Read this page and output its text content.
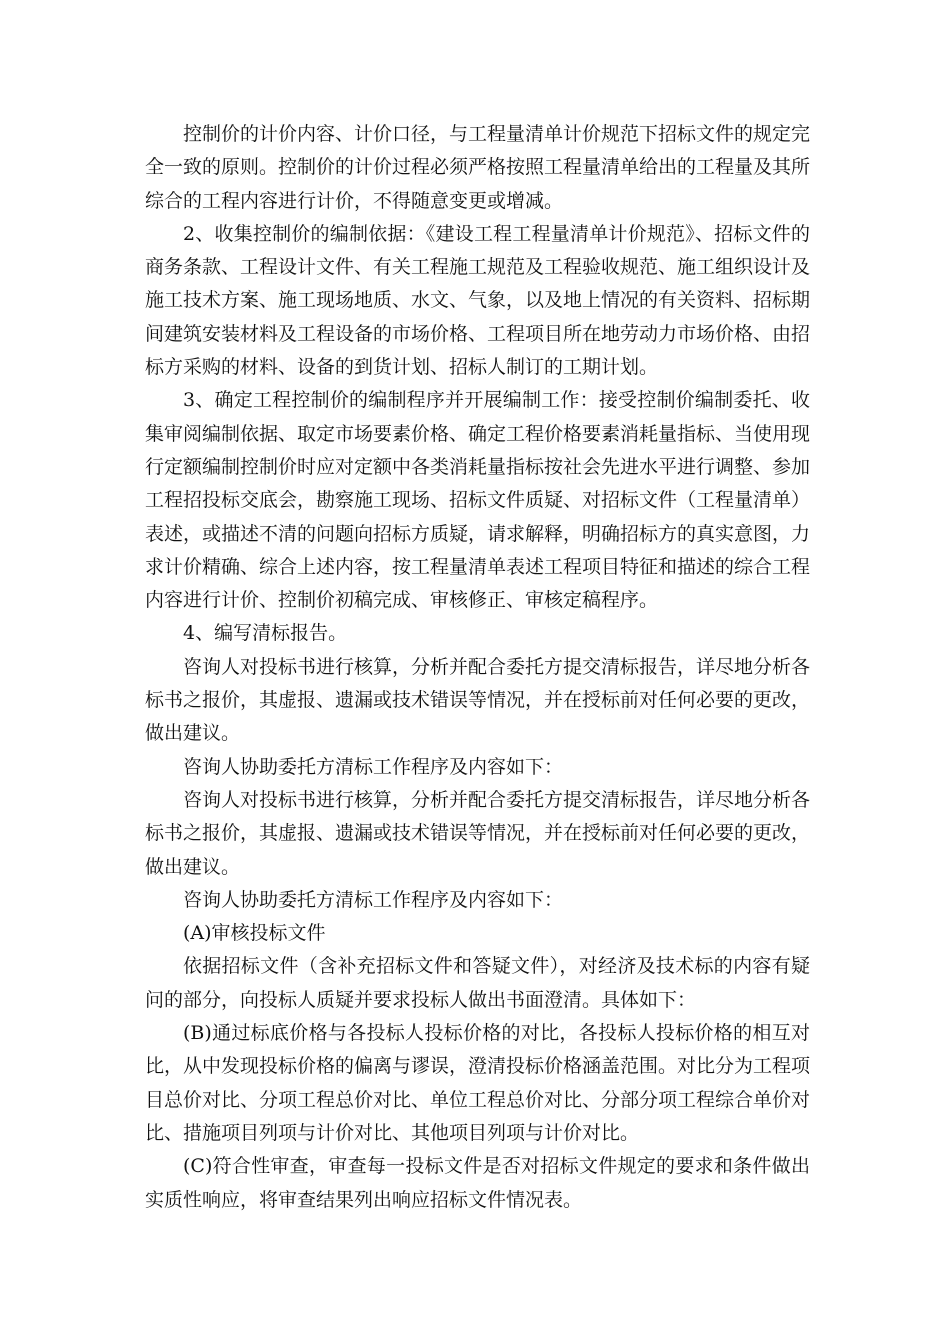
控制价的计价内容、计价口径，与工程量清单计价规范下招标文件的规定完全一致的原则。控制价的计价过程必须严格按照工程量清单给出的工程量及其所综合的工程内容进行计价，不得随意变更或增减。

2、收集控制价的编制依据：《建设工程工程量清单计价规范》、招标文件的商务条款、工程设计文件、有关工程施工规范及工程验收规范、施工组织设计及施工技术方案、施工现场地质、水文、气象，以及地上情况的有关资料、招标期间建筑安装材料及工程设备的市场价格、工程项目所在地劳动力市场价格、由招标方采购的材料、设备的到货计划、招标人制订的工期计划。

3、确定工程控制价的编制程序并开展编制工作：接受控制价编制委托、收集审阅编制依据、取定市场要素价格、确定工程价格要素消耗量指标、当使用现行定额编制控制价时应对定额中各类消耗量指标按社会先进水平进行调整、参加工程招投标交底会，勘察施工现场、招标文件质疑、对招标文件（工程量清单）表述，或描述不清的问题向招标方质疑，请求解释，明确招标方的真实意图，力求计价精确、综合上述内容，按工程量清单表述工程项目特征和描述的综合工程内容进行计价、控制价初稿完成、审核修正、审核定稿程序。

4、编写清标报告。

咨询人对投标书进行核算，分析并配合委托方提交清标报告，详尽地分析各标书之报价，其虚报、遗漏或技术错误等情况，并在授标前对任何必要的更改，做出建议。

咨询人协助委托方清标工作程序及内容如下：

咨询人对投标书进行核算，分析并配合委托方提交清标报告，详尽地分析各标书之报价，其虚报、遗漏或技术错误等情况，并在授标前对任何必要的更改，做出建议。

咨询人协助委托方清标工作程序及内容如下：

(A)审核投标文件

依据招标文件（含补充招标文件和答疑文件），对经济及技术标的内容有疑问的部分，向投标人质疑并要求投标人做出书面澄清。具体如下：

(B)通过标底价格与各投标人投标价格的对比，各投标人投标价格的相互对比，从中发现投标价格的偏离与谬误，澄清投标价格涵盖范围。对比分为工程项目总价对比、分项工程总价对比、单位工程总价对比、分部分项工程综合单价对比、措施项目列项与计价对比、其他项目列项与计价对比。

(C)符合性审查，审查每一投标文件是否对招标文件规定的要求和条件做出实质性响应，将审查结果列出响应招标文件情况表。
